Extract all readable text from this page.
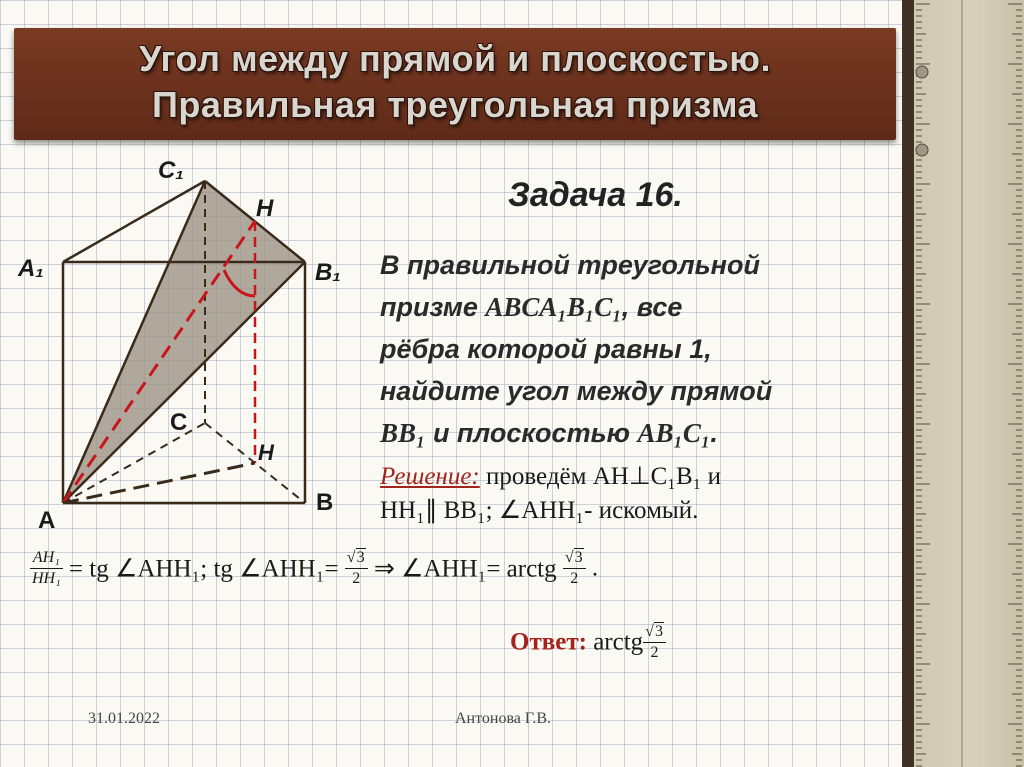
Угол между прямой и плоскостью.
Правильная треугольная призма
C₁
H
A₁	B₁
C
H
A
B
Задача 16.
В правильной треугольной
призме ABCA₁B₁C₁, все
рёбра которой равны 1,
найдите угол между прямой
BB₁ и плоскостью AB₁C₁.
Решение: проведём AH⊥C₁B₁ и
HH₁∥ BB₁; ∠AHH₁- искомый.
$\frac{\text{AH₁}}{\text{HH₁}}$ = tg ∠AHH₁; tg ∠AHH₁= $\frac{√3}{2}$ ⇒ ∠AHH₁= arctg $\frac{√3}{2}$ .
Ответ: arctg $\frac{√3}{2}$
31.01.2022	Антонова Г.В.
